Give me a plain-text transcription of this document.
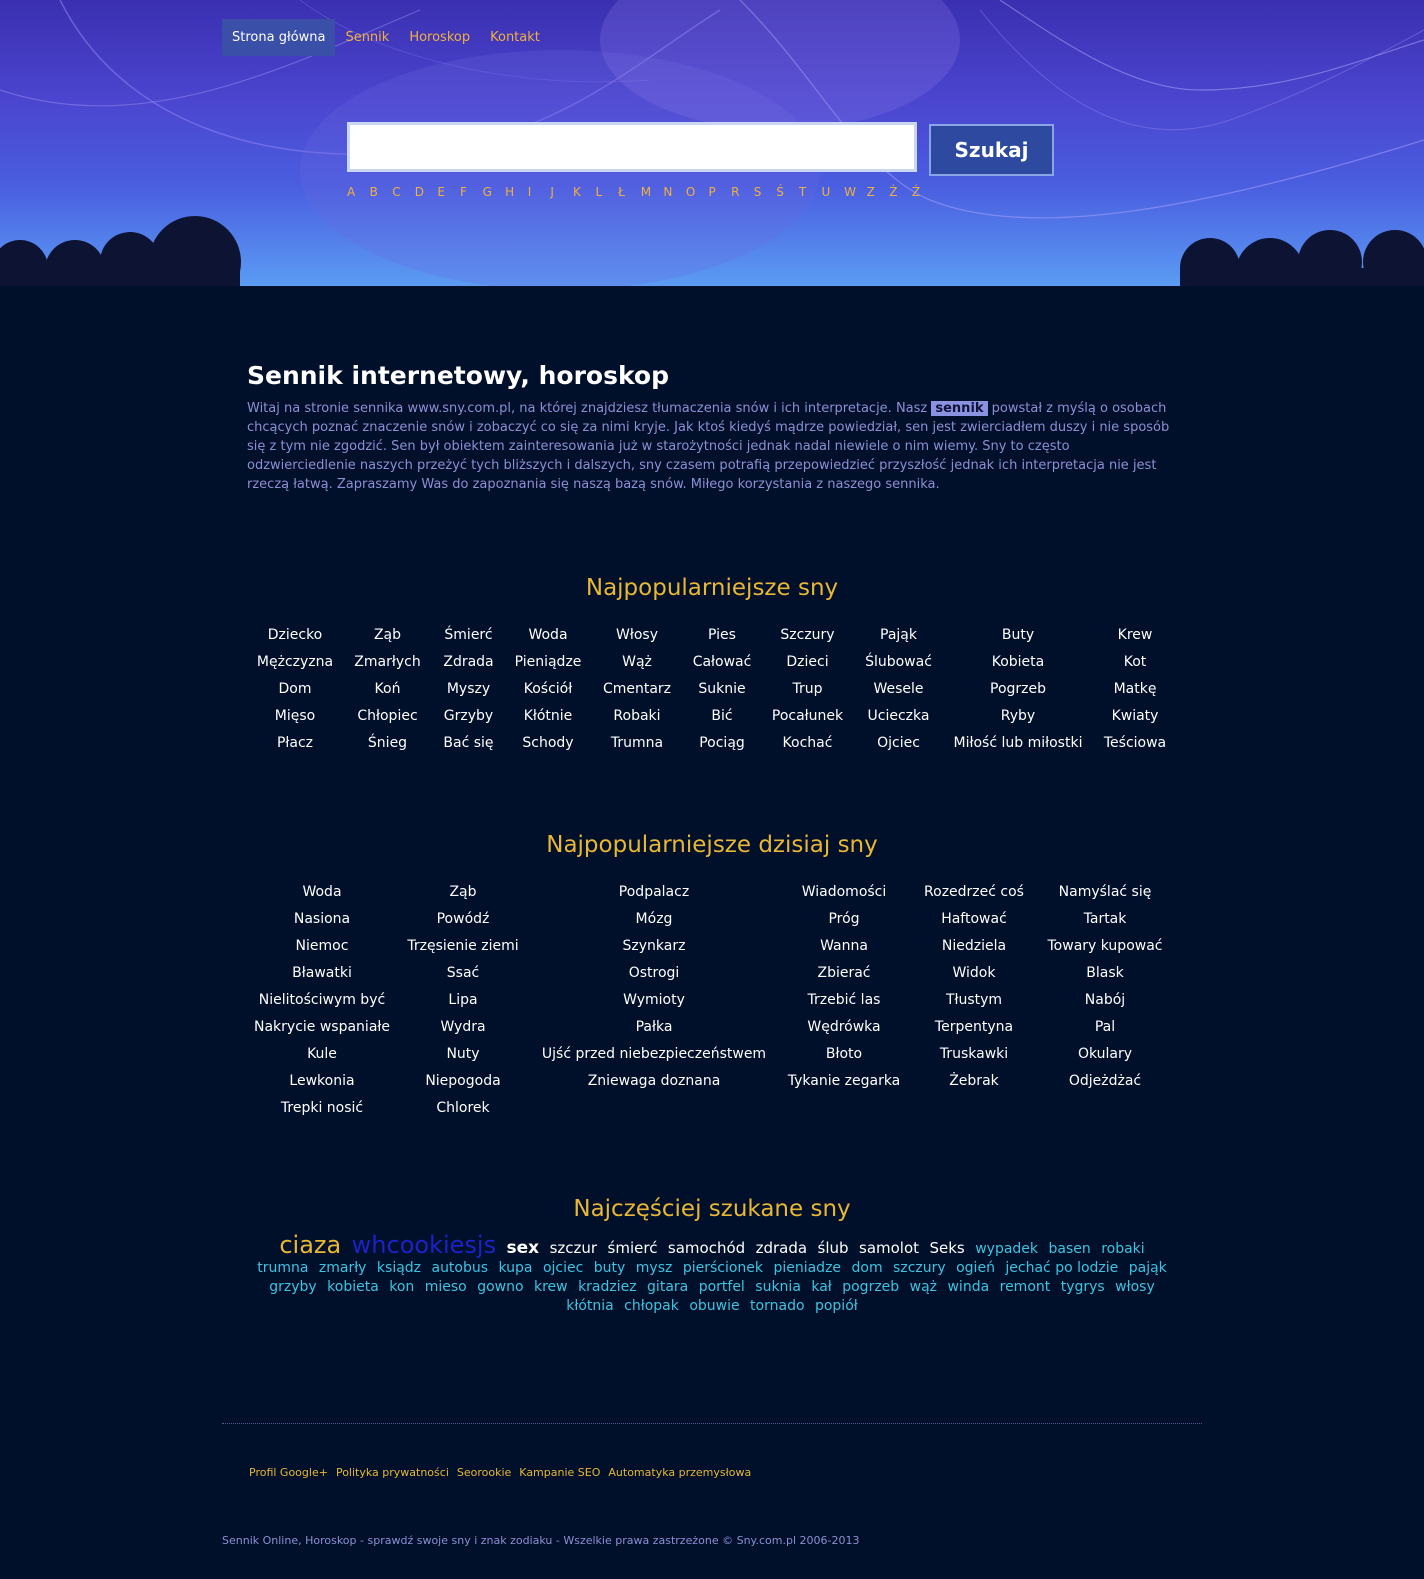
Strona główna	Sennik	Horoskop	Kontakt
Szukaj
A	B	C	D	E	F	G	H	I	J	K	L	Ł	M	N	O	P	R	S	Ś	T	U	W Z	Ż	Ź
Sennik internetowy, horoskop

Witaj na stronie sennika www.sny.com.pl, na której znajdziesz tłumaczenia snów i ich interpretacje. Nasz sennik powstał z myślą o osobach chcących poznać znaczenie snów i zobaczyć co się za nimi kryje. Jak ktoś kiedyś mądrze powiedział, sen jest zwierciadłem duszy i nie sposób się z tym nie zgodzić. Sen był obiektem zainteresowania już w starożytności jednak nadal niewiele o nim wiemy. Sny to często odzwierciedlenie naszych przeżyć tych bliższych i dalszych, sny czasem potrafią przepowiedzieć przyszłość jednak ich interpretacja nie jest rzeczą łatwą. Zapraszamy Was do zapoznania się naszą bazą snów. Miłego korzystania z naszego sennika.

Najpopularniejsze sny
Dziecko	Ząb	Śmierć	Woda	Włosy	Pies	Szczury	Pająk	Buty	Krew
Mężczyzna	Zmarłych	Zdrada	Pieniądze	Wąż	Całować	Dzieci	Ślubować	Kobieta	Kot
Dom	Koń	Myszy	Kościół	Cmentarz	Suknie	Trup	Wesele	Pogrzeb	Matkę
Mięso	Chłopiec	Grzyby	Kłótnie	Robaki	Bić	Pocałunek	Ucieczka	Ryby	Kwiaty
Płacz	Śnieg	Bać się	Schody	Trumna	Pociąg	Kochać	Ojciec	Miłość lub miłostki	Teściowa
Najpopularniejsze dzisiaj sny
Woda	Ząb	Podpalacz	Wiadomości	Rozedrzeć coś	Namyślać się
Nasiona	Powódź	Mózg	Próg	Haftować	Tartak
Niemoc	Trzęsienie ziemi	Szynkarz	Wanna	Niedziela	Towary kupować
Bławatki	Ssać	Ostrogi	Zbierać	Widok	Blask
Nielitościwym być	Lipa	Wymioty	Trzebić las	Tłustym	Nabój
Nakrycie wspaniałe	Wydra	Pałka	Wędrówka	Terpentyna	Pal
Kule	Nuty	Ujść przed niebezpieczeństwem	Błoto	Truskawki	Okulary
Lewkonia	Niepogoda	Zniewaga doznana	Tykanie zegarka	Żebrak	Odjeżdżać
Trepki nosić	Chlorek
Najczęściej szukane sny
ciaza whcookiesjs sex szczur śmierć samochód zdrada ślub samolot Seks wypadek basen robaki trumna zmarły ksiądz autobus kupa ojciec buty mysz pierścionek pieniadze dom szczury ogień jechać po lodzie pająk grzyby kobieta kon mieso gowno krew kradziez gitara portfel suknia kał pogrzeb wąż winda remont tygrys włosy kłótnia chłopak obuwie tornado popiół
Profil Google+ Polityka prywatności Seorookie Kampanie SEO Automatyka przemysłowa
Sennik Online, Horoskop - sprawdź swoje sny i znak zodiaku - Wszelkie prawa zastrzeżone © Sny.com.pl 2006-2013
